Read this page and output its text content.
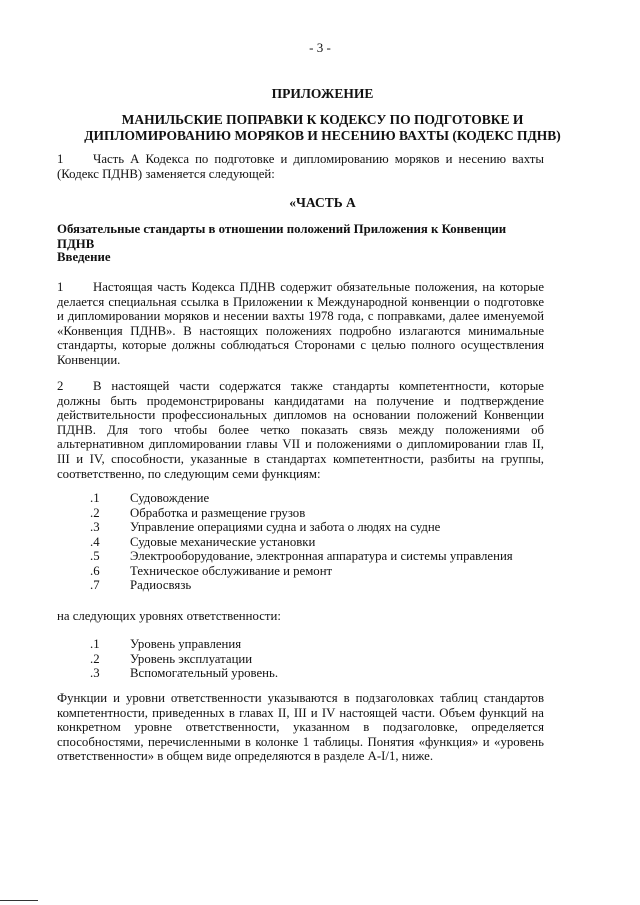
- 3 -
ПРИЛОЖЕНИЕ
МАНИЛЬСКИЕ ПОПРАВКИ К КОДЕКСУ ПО ПОДГОТОВКЕ И
ДИПЛОМИРОВАНИЮ МОРЯКОВ И НЕСЕНИЮ ВАХТЫ (КОДЕКС ПДНВ)
1 Часть А Кодекса по подготовке и дипломированию моряков и несению вахты (Кодекс ПДНВ) заменяется следующей:
«ЧАСТЬ А
Обязательные стандарты в отношении положений Приложения к Конвенции ПДНВ
Введение
1 Настоящая часть Кодекса ПДНВ содержит обязательные положения, на которые делается специальная ссылка в Приложении к Международной конвенции о подготовке и дипломировании моряков и несении вахты 1978 года, с поправками, далее именуемой «Конвенция ПДНВ». В настоящих положениях подробно излагаются минимальные стандарты, которые должны соблюдаться Сторонами с целью полного осуществления Конвенции.
2 В настоящей части содержатся также стандарты компетентности, которые должны быть продемонстрированы кандидатами на получение и подтверждение действительности профессиональных дипломов на основании положений Конвенции ПДНВ. Для того чтобы более четко показать связь между положениями об альтернативном дипломировании главы VII и положениями о дипломировании глав II, III и IV, способности, указанные в стандартах компетентности, разбиты на группы, соответственно, по следующим семи функциям:
.1	Судовождение
.2	Обработка и размещение грузов
.3	Управление операциями судна и забота о людях на судне
.4	Судовые механические установки
.5	Электрооборудование, электронная аппаратура и системы управления
.6	Техническое обслуживание и ремонт
.7	Радиосвязь
на следующих уровнях ответственности:
.1	Уровень управления
.2	Уровень эксплуатации
.3	Вспомогательный уровень.
Функции и уровни ответственности указываются в подзаголовках таблиц стандартов компетентности, приведенных в главах II, III и IV настоящей части. Объем функций на конкретном уровне ответственности, указанном в подзаголовке, определяется способностями, перечисленными в колонке 1 таблицы. Понятия «функция» и «уровень ответственности» в общем виде определяются в разделе A-I/1, ниже.
